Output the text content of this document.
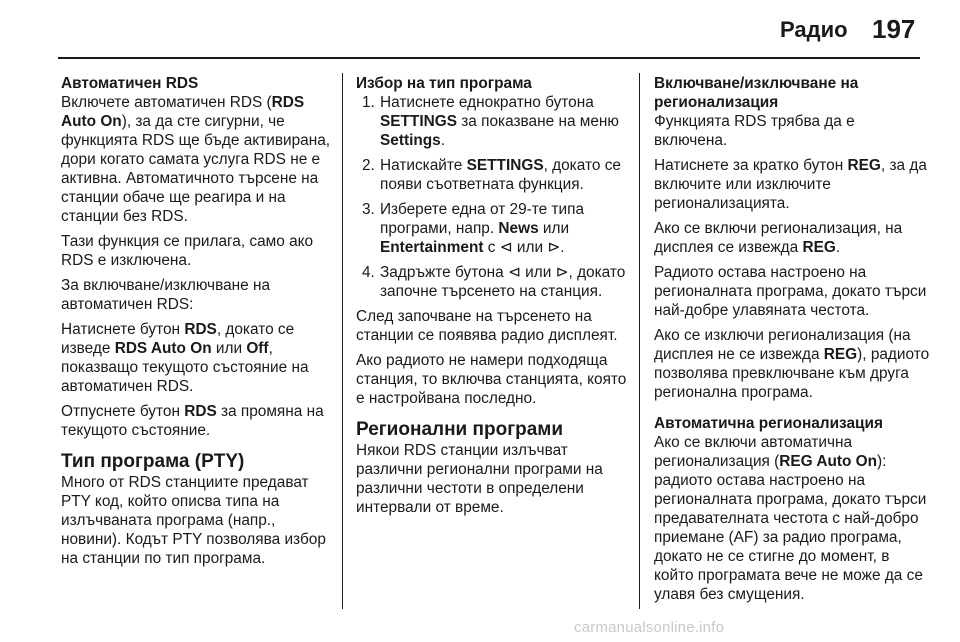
Радио 197

Автоматичен RDS

Включете автоматичен RDS (RDS Auto On), за да сте сигурни, че функцията RDS ще бъде активирана, дори когато самата услуга RDS не е активна. Автоматичното търсене на станции обаче ще реагира и на станции без RDS.

Тази функция се прилага, само ако RDS е изключена.

За включване/изключване на автоматичен RDS:

Натиснете бутон RDS, докато се изведе RDS Auto On или Off, показващо текущото състояние на автоматичен RDS.

Отпуснете бутон RDS за промяна на текущото състояние.

Тип програма (PTY)

Много от RDS станциите предават PTY код, който описва типа на излъчваната програма (напр., новини). Кодът PTY позволява избор на станции по тип програма.

Избор на тип програма

1. Натиснете еднократно бутона SETTINGS за показване на меню Settings.
2. Натискайте SETTINGS, докато се появи съответната функция.
3. Изберете една от 29-те типа програми, напр. News или Entertainment с ⊲ или ⊳.
4. Задръжте бутона ⊲ или ⊳, докато започне търсенето на станция.

След започване на търсенето на станции се появява радио дисплеят.

Ако радиото не намери подходяща станция, то включва станцията, която е настройвана последно.

Регионални програми

Някои RDS станции излъчват различни регионални програми на различни честоти в определени интервали от време.

Включване/изключване на регионализация

Функцията RDS трябва да е включена.

Натиснете за кратко бутон REG, за да включите или изключите регионализацията.

Ако се включи регионализация, на дисплея се извежда REG.

Радиото остава настроено на регионалната програма, докато търси най-добре улавяната честота.

Ако се изключи регионализация (на дисплея не се извежда REG), радиото позволява превключване към друга регионална програма.

Автоматична регионализация

Ако се включи автоматична регионализация (REG Auto On): радиото остава настроено на регионалната програма, докато търси предавателната честота с най-добро приемане (AF) за радио програма, докато не се стигне до момент, в който програмата вече не може да се улавя без смущения.

carmanualsonline.info
